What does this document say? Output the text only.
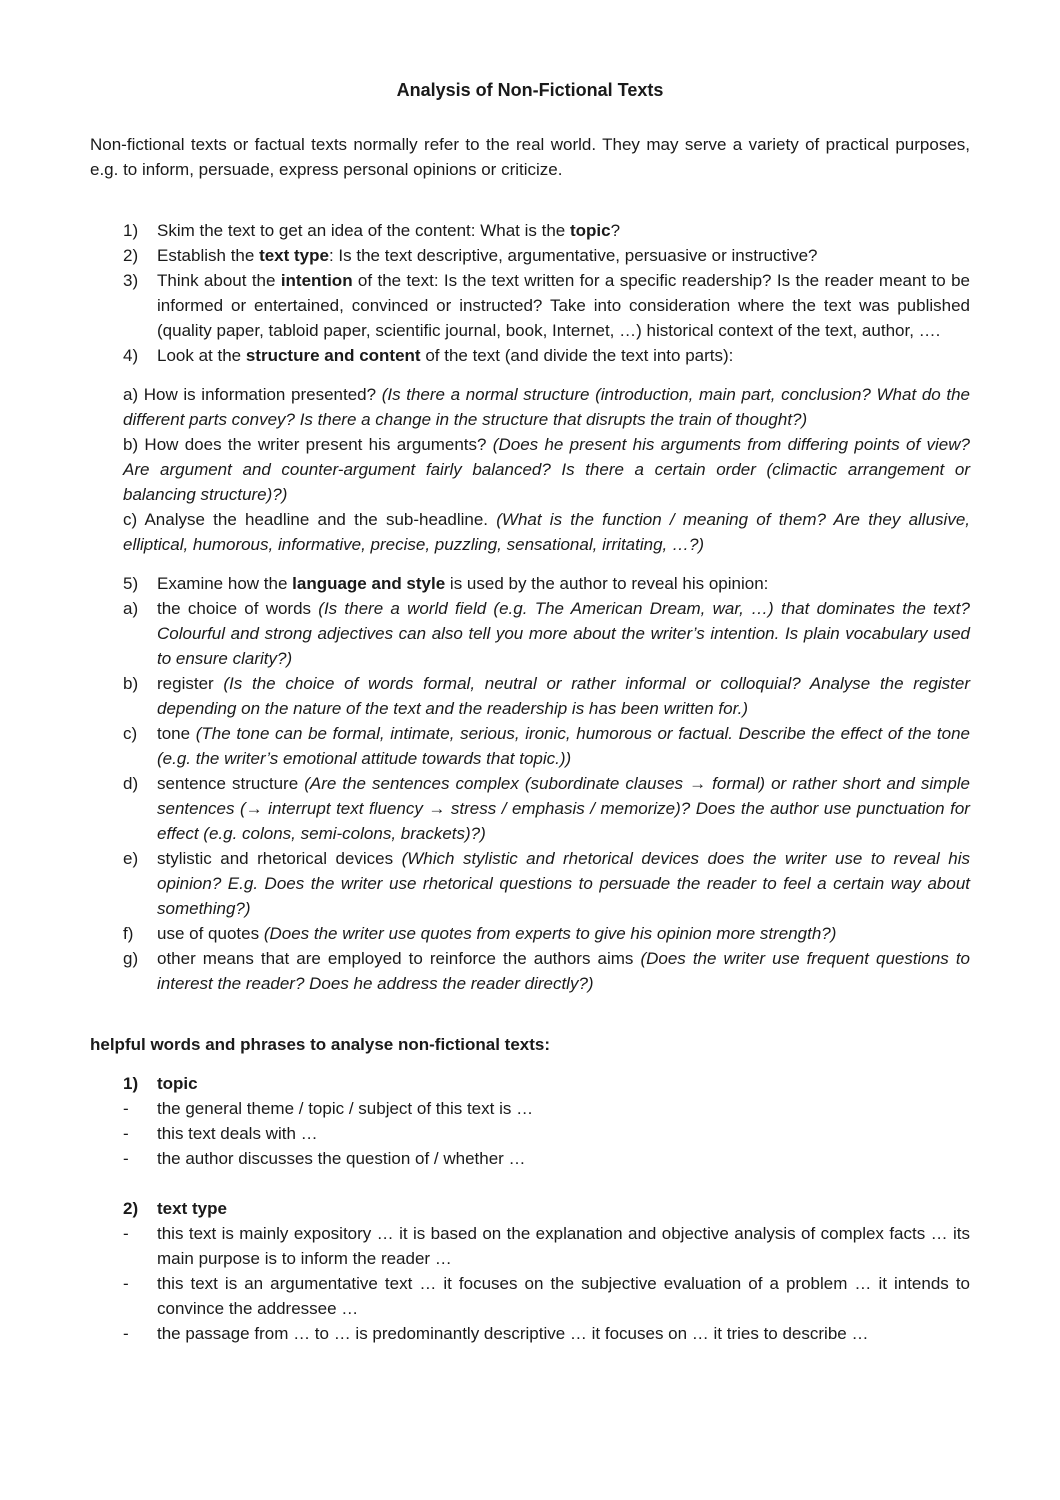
Analysis of Non-Fictional Texts
Non-fictional texts or factual texts normally refer to the real world. They may serve a variety of practical purposes, e.g. to inform, persuade, express personal opinions or criticize.
1)	Skim the text to get an idea of the content: What is the topic?
2)	Establish the text type: Is the text descriptive, argumentative, persuasive or instructive?
3)	Think about the intention of the text: Is the text written for a specific readership? Is the reader meant to be informed or entertained, convinced or instructed? Take into consideration where the text was published (quality paper, tabloid paper, scientific journal, book, Internet, …) historical context of the text, author, ….
4)	Look at the structure and content of the text (and divide the text into parts):
a) How is information presented? (Is there a normal structure (introduction, main part, conclusion? What do the different parts convey? Is there a change in the structure that disrupts the train of thought?)
b) How does the writer present his arguments? (Does he present his arguments from differing points of view? Are argument and counter-argument fairly balanced? Is there a certain order (climactic arrangement or balancing structure)?)
c) Analyse the headline and the sub-headline. (What is the function / meaning of them? Are they allusive, elliptical, humorous, informative, precise, puzzling, sensational, irritating, …?)
5)	Examine how the language and style is used by the author to reveal his opinion:
a)	the choice of words (Is there a world field (e.g. The American Dream, war, …) that dominates the text? Colourful and strong adjectives can also tell you more about the writer’s intention. Is plain vocabulary used to ensure clarity?)
b)	register (Is the choice of words formal, neutral or rather informal or colloquial? Analyse the register depending on the nature of the text and the readership is has been written for.)
c)	tone (The tone can be formal, intimate, serious, ironic, humorous or factual. Describe the effect of the tone (e.g. the writer’s emotional attitude towards that topic.))
d)	sentence structure (Are the sentences complex (subordinate clauses → formal) or rather short and simple sentences (→ interrupt text fluency → stress / emphasis / memorize)? Does the author use punctuation for effect (e.g. colons, semi-colons, brackets)?)
e)	stylistic and rhetorical devices (Which stylistic and rhetorical devices does the writer use to reveal his opinion? E.g. Does the writer use rhetorical questions to persuade the reader to feel a certain way about something?)
f)	use of quotes (Does the writer use quotes from experts to give his opinion more strength?)
g)	other means that are employed to reinforce the authors aims (Does the writer use frequent questions to interest the reader? Does he address the reader directly?)
helpful words and phrases to analyse non-fictional texts:
1)	topic
-	the general theme / topic / subject of this text is …
-	this text deals with …
-	the author discusses the question of / whether …
2)	text type
-	this text is mainly expository … it is based on the explanation and objective analysis of complex facts … its main purpose is to inform the reader …
-	this text is an argumentative text … it focuses on the subjective evaluation of a problem … it intends to convince the addressee …
-	the passage from … to … is predominantly descriptive … it focuses on … it tries to describe …
